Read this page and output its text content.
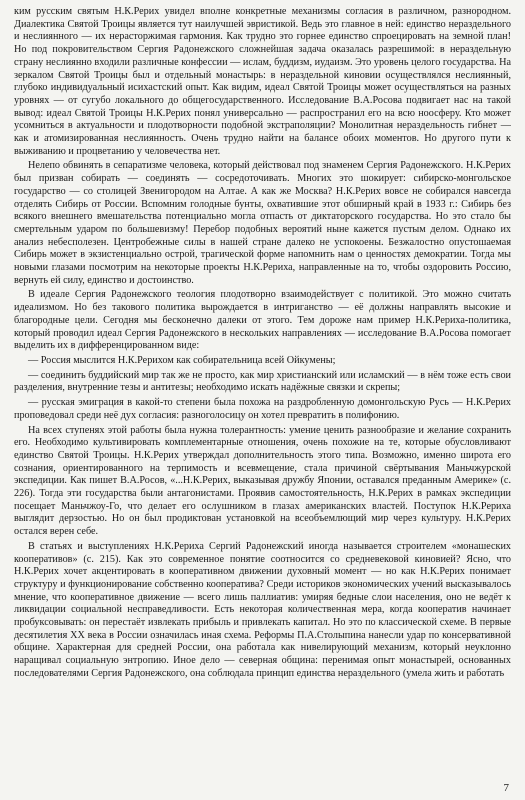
ким русским святым Н.К.Рерих увидел вполне конкретные механизмы согласия в различном, разнородном. Диалектика Святой Троицы является тут наилучшей эвристикой. Ведь это главное в ней: единство нераздельного и неслиянного — их нерасторжимая гармония. Как трудно это горнее единство спроецировать на земной план! Но под покровительством Сергия Радонежского сложнейшая задача оказалась разрешимой: в нераздельную страну неслиянно входили различные конфессии — ислам, буддизм, иудаизм. Это уровень целого государства. На зеркалом Святой Троицы был и отдельный монастырь: в нераздельной киновии осуществлялся неслиянный, глубоко индивидуальный исихастский опыт. Как видим, идеал Святой Троицы может осуществляться на разных уровнях — от сугубо локального до общегосударственного. Исследование В.А.Росова подвигает нас на такой вывод: идеал Святой Троицы Н.К.Рерих понял универсально — распространил его на всю ноосферу. Кто может усомниться в актуальности и плодотворности подобной экстраполяции? Монолитная нераздельность гибнет — как и атомизированная неслиянность. Очень трудно найти на балансе обоих моментов. Но другого пути к выживанию и процветанию у человечества нет.

Нелепо обвинять в сепаратизме человека, который действовал под знаменем Сергия Радонежского. Н.К.Рерих был призван собирать — соединять — сосредоточивать. Многих это шокирует: сибирско-монгольское государство — со столицей Звенигородом на Алтае. А как же Москва? Н.К.Рерих вовсе не собирался навсегда отделять Сибирь от России. Вспомним голодные бунты, охватившие этот обширный край в 1933 г.: Сибирь без всякого внешнего вмешательства потенциально могла отпасть от диктаторского государства. Но это стало бы смертельным ударом по большевизму! Перебор подобных вероятий ныне кажется пустым делом. Однако их анализ небесполезен. Центробежные силы в нашей стране далеко не успокоены. Безжалостно опустошаемая Сибирь может в экзистенциально острой, трагической форме напомнить нам о ценностях демократии. Тогда мы новыми глазами посмотрим на некоторые проекты Н.К.Рериха, направленные на то, чтобы оздоровить Россию, вернуть ей силу, единство и достоинство.

В идеале Сергия Радонежского теология плодотворно взаимодействует с политикой. Это можно считать идеализмом. Но без такового политика вырождается в интриганство — её должны направлять высокие и благородные цели. Сегодня мы бесконечно далеки от этого. Тем дороже нам пример Н.К.Рериха-политика, который проводил идеал Сергия Радонежского в нескольких направлениях — исследование В.А.Росова помогает выделить их в дифференцированном виде:

— Россия мыслится Н.К.Рерихом как собирательница всей Ойкумены;

— соединить буддийский мир так же не просто, как мир христианский или исламский — в нём тоже есть свои разделения, внутренние тезы и антитезы; необходимо искать надёжные связки и скрепы;

— русская эмиграция в какой-то степени была похожа на раздробленную домонгольскую Русь — Н.К.Рерих проповедовал среди неё дух согласия: разноголосицу он хотел превратить в полифонию.

На всех ступенях этой работы была нужна толерантность: умение ценить разнообразие и желание сохранить его. Необходимо культивировать комплементарные отношения, очень похожие на те, которые обусловливают единство Святой Троицы. Н.К.Рерих утверждал дополнительность этого типа. Возможно, именно широта его сознания, ориентированного на терпимость и всевмещение, стала причиной свёртывания Маньчжурской экспедиции. Как пишет В.А.Росов, «...Н.К.Рерих, выказывая дружбу Японии, оставался преданным Америке» (с. 226). Тогда эти государства были антагонистами. Проявив самостоятельность, Н.К.Рерих в рамках экспедиции посещает Маньчжоу-Го, что делает его ослушником в глазах американских властей. Поступок Н.К.Рериха выглядит дерзостью. Но он был продиктован установкой на всеобъемлющий мир через культуру. Н.К.Рерих остался верен себе.

В статьях и выступлениях Н.К.Рериха Сергий Радонежский иногда называется строителем «монашеских кооперативов» (с. 215). Как это современное понятие соотносится со средневековой киновией? Ясно, что Н.К.Рерих хочет акцентировать в кооперативном движении духовный момент — но как Н.К.Рерих понимает структуру и функционирование собственно кооператива? Среди историков экономических учений высказывалось мнение, что кооперативное движение — всего лишь паллиатив: умиряя бедные слои населения, оно не ведёт к ликвидации социальной несправедливости. Есть некоторая количественная мера, когда кооператив начинает пробуксовывать: он перестаёт извлекать прибыль и привлекать капитал. Но это по классической схеме. В первые десятилетия XX века в России означилась иная схема. Реформы П.А.Столыпина нанесли удар по консервативной общине. Характерная для средней России, она работала как нивелирующий механизм, который неуклонно наращивал социальную энтропию. Иное дело — северная община: перенимая опыт монастырей, основанных последователями Сергия Радонежского, она соблюдала принцип единства нераздельного (умела жить и работать

7
